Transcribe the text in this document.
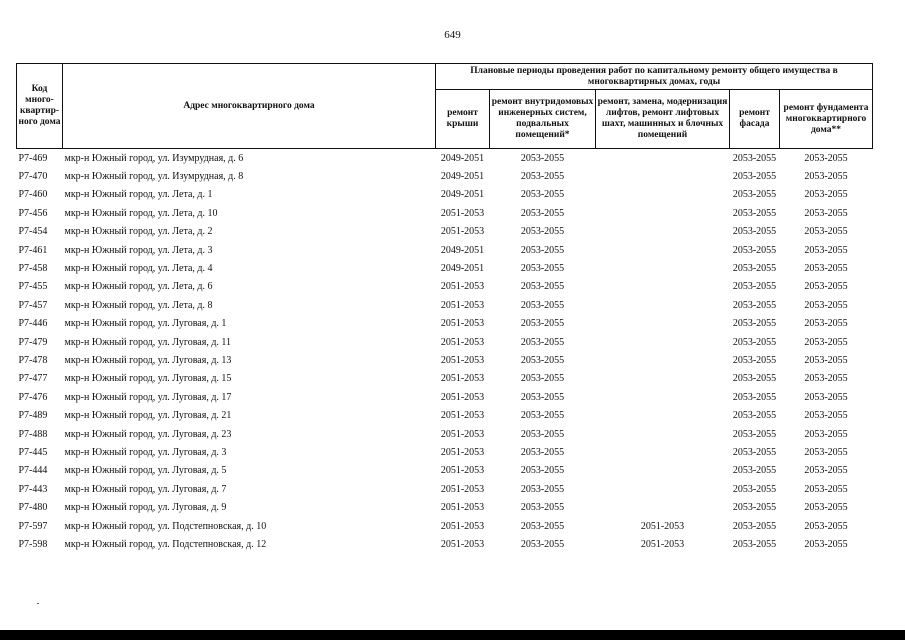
649
Код много- квартир- ного дома	Адрес многоквартирного дома	Плановые периоды проведения работ по капитальному ремонту общего имущества в многоквартирных домах, годы				
		ремонт крыши	ремонт внутридомовых инженерных систем, подвальных помещений*	ремонт, замена, модернизация лифтов, ремонт лифтовых шахт, машинных и блочных помещений	ремонт фасада	ремонт фундамента многоквартирного дома**
P7-469	мкр-н Южный город, ул. Изумрудная, д. 6	2049-2051	2053-2055		2053-2055	2053-2055
P7-470	мкр-н Южный город, ул. Изумрудная, д. 8	2049-2051	2053-2055		2053-2055	2053-2055
P7-460	мкр-н Южный город, ул. Лета, д. 1	2049-2051	2053-2055		2053-2055	2053-2055
P7-456	мкр-н Южный город, ул. Лета, д. 10	2051-2053	2053-2055		2053-2055	2053-2055
P7-454	мкр-н Южный город, ул. Лета, д. 2	2051-2053	2053-2055		2053-2055	2053-2055
P7-461	мкр-н Южный город, ул. Лета, д. 3	2049-2051	2053-2055		2053-2055	2053-2055
P7-458	мкр-н Южный город, ул. Лета, д. 4	2049-2051	2053-2055		2053-2055	2053-2055
P7-455	мкр-н Южный город, ул. Лета, д. 6	2051-2053	2053-2055		2053-2055	2053-2055
P7-457	мкр-н Южный город, ул. Лета, д. 8	2051-2053	2053-2055		2053-2055	2053-2055
P7-446	мкр-н Южный город, ул. Луговая, д. 1	2051-2053	2053-2055		2053-2055	2053-2055
P7-479	мкр-н Южный город, ул. Луговая, д. 11	2051-2053	2053-2055		2053-2055	2053-2055
P7-478	мкр-н Южный город, ул. Луговая, д. 13	2051-2053	2053-2055		2053-2055	2053-2055
P7-477	мкр-н Южный город, ул. Луговая, д. 15	2051-2053	2053-2055		2053-2055	2053-2055
P7-476	мкр-н Южный город, ул. Луговая, д. 17	2051-2053	2053-2055		2053-2055	2053-2055
P7-489	мкр-н Южный город, ул. Луговая, д. 21	2051-2053	2053-2055		2053-2055	2053-2055
P7-488	мкр-н Южный город, ул. Луговая, д. 23	2051-2053	2053-2055		2053-2055	2053-2055
P7-445	мкр-н Южный город, ул. Луговая, д. 3	2051-2053	2053-2055		2053-2055	2053-2055
P7-444	мкр-н Южный город, ул. Луговая, д. 5	2051-2053	2053-2055		2053-2055	2053-2055
P7-443	мкр-н Южный город, ул. Луговая, д. 7	2051-2053	2053-2055		2053-2055	2053-2055
P7-480	мкр-н Южный город, ул. Луговая, д. 9	2051-2053	2053-2055		2053-2055	2053-2055
P7-597	мкр-н Южный город, ул. Подстепновская, д. 10	2051-2053	2053-2055	2051-2053	2053-2055	2053-2055
P7-598	мкр-н Южный город, ул. Подстепновская, д. 12	2051-2053	2053-2055	2051-2053	2053-2055	2053-2055
